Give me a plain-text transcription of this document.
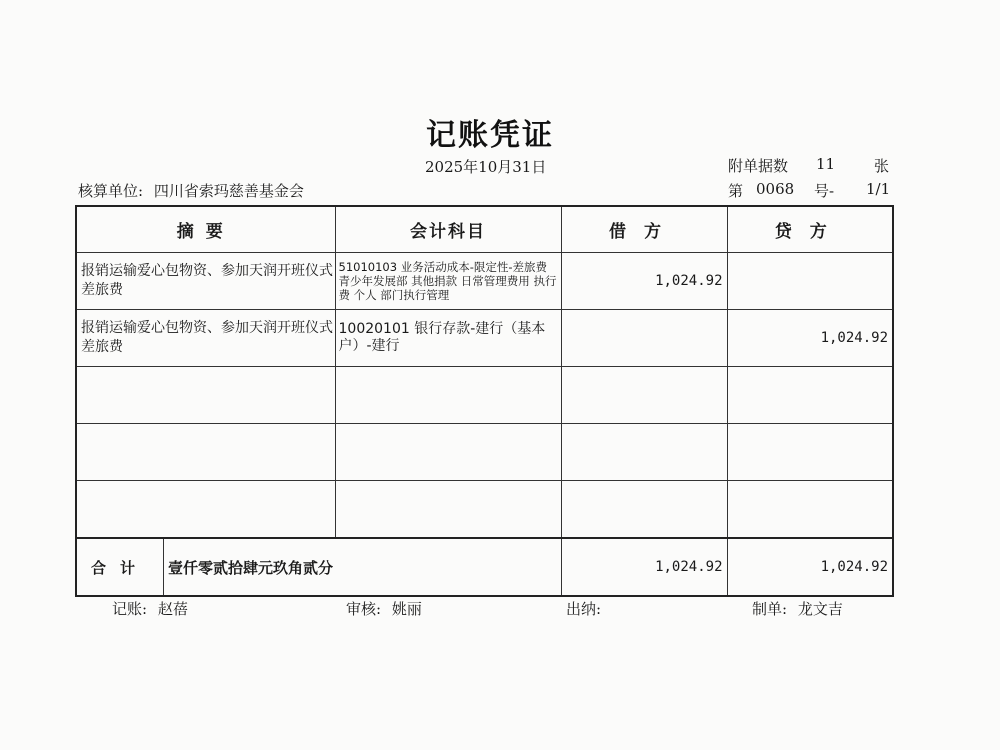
记账凭证
2025年10月31日	附单据数 11	张
核算单位: 四川省索玛慈善基金会	第 0068 号- 1/1
摘要	会计科目	借方	贷方
报销运输爱心包物资、参加天润开班仪式差旅费	51010103 业务活动成本-限定性-差旅费 青少年发展部 其他捐款 日常管理费用 执行费 个人 部门执行管理	1,024.92	
报销运输爱心包物资、参加天润开班仪式差旅费	10020101 银行存款-建行（基本户）-建行		1,024.92

合计 壹仟零贰拾肆元玖角贰分		1,024.92	1,024.92
记账: 赵蓓	审核: 姚丽	出纳:	制单: 龙文吉
